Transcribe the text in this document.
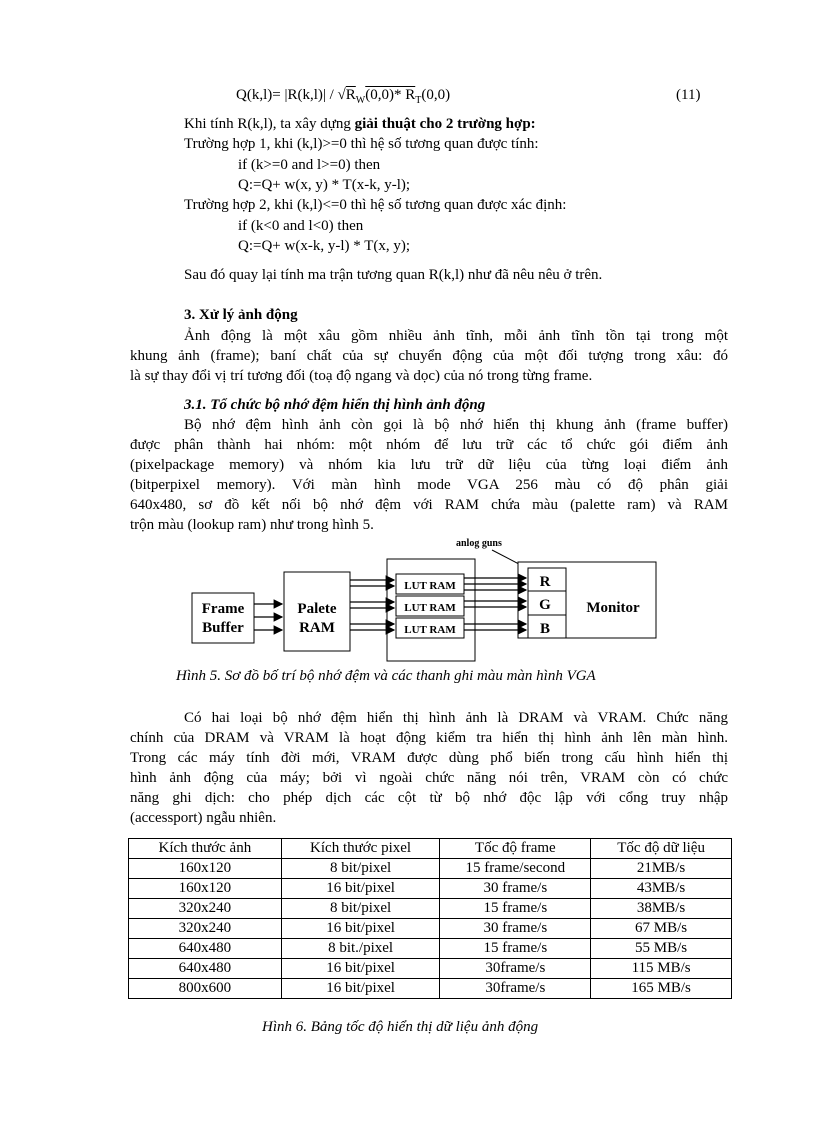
$Q(k,l)= |R(k,l)| / √R_W(0,0)*$ $R_T(0,0)$	(11)
Khi tính R(k,l), ta xây dựng giải thuật cho 2 trường hợp:
Trường hợp 1, khi (k,l)>=0 thì hệ số tương quan được tính:
if (k>=0 and l>=0) then
Q:=Q+ w(x, y) * T(x-k, y-l);
Trường hợp 2, khi (k,l)<=0 thì hệ số tương quan được xác định:
if (k<0 and l<0) then
Q:=Q+ w(x-k, y-l) * T(x, y);
Sau đó quay lại tính ma trận tương quan R(k,l) như đã nêu nêu ở trên.
3. Xử lý ảnh động
Ảnh động là một xâu gồm nhiều ảnh tĩnh, mỗi ảnh tĩnh tồn tại trong một
khung ảnh (frame); baní chất của sự chuyển động của một đối tượng trong xâu: đó
là sự thay đổi vị trí tương đối (toạ độ ngang và dọc) của nó trong từng frame.
3.1. Tổ chức bộ nhớ đệm hiển thị hình ảnh động
Bộ nhớ đệm hình ảnh còn gọi là bộ nhớ hiển thị khung ảnh (frame buffer)
được phân thành hai nhóm: một nhóm để lưu trữ các tổ chức gói điểm ảnh
(pixelpackage memory) và nhóm kia lưu trữ dữ liệu của từng loại điểm ảnh
(bitperpixel memory). Với màn hình mode VGA 256 màu có độ phân giải
640x480, sơ đồ kết nối bộ nhớ đệm với RAM chứa màu (palette ram) và RAM
trộn màu (lookup ram) như trong hình 5.
anlog guns
Frame
Buffer
Palete
RAM
LUT RAM
LUT RAM
LUT RAM
R
G
B
Monitor
Hình 5. Sơ đồ bố trí bộ nhớ đệm và các thanh ghi màu màn hình VGA
Có hai loại bộ nhớ đệm hiển thị hình ảnh là DRAM và VRAM. Chức năng
chính của DRAM và VRAM là hoạt động kiểm tra hiển thị hình ảnh lên màn hình.
Trong các máy tính đời mới, VRAM được dùng phổ biến trong cấu hình hiển thị
hình ảnh động của máy; bởi vì ngoài chức năng nói trên, VRAM còn có chức
năng ghi dịch: cho phép dịch các cột từ bộ nhớ độc lập với cổng truy nhập
(accessport) ngẫu nhiên.
Kích thước ảnh	Kích thước pixel	Tốc độ frame	Tốc độ dữ liệu
160x120	8 bit/pixel	15 frame/second	21MB/s
160x120	16 bit/pixel	30 frame/s	43MB/s
320x240	8 bit/pixel	15 frame/s	38MB/s
320x240	16 bit/pixel	30 frame/s	67 MB/s
640x480	8 bit./pixel	15 frame/s	55 MB/s
640x480	16 bit/pixel	30frame/s	115 MB/s
800x600	16 bit/pixel	30frame/s	165 MB/s
Hình 6. Bảng tốc độ hiển thị dữ liệu ảnh động
